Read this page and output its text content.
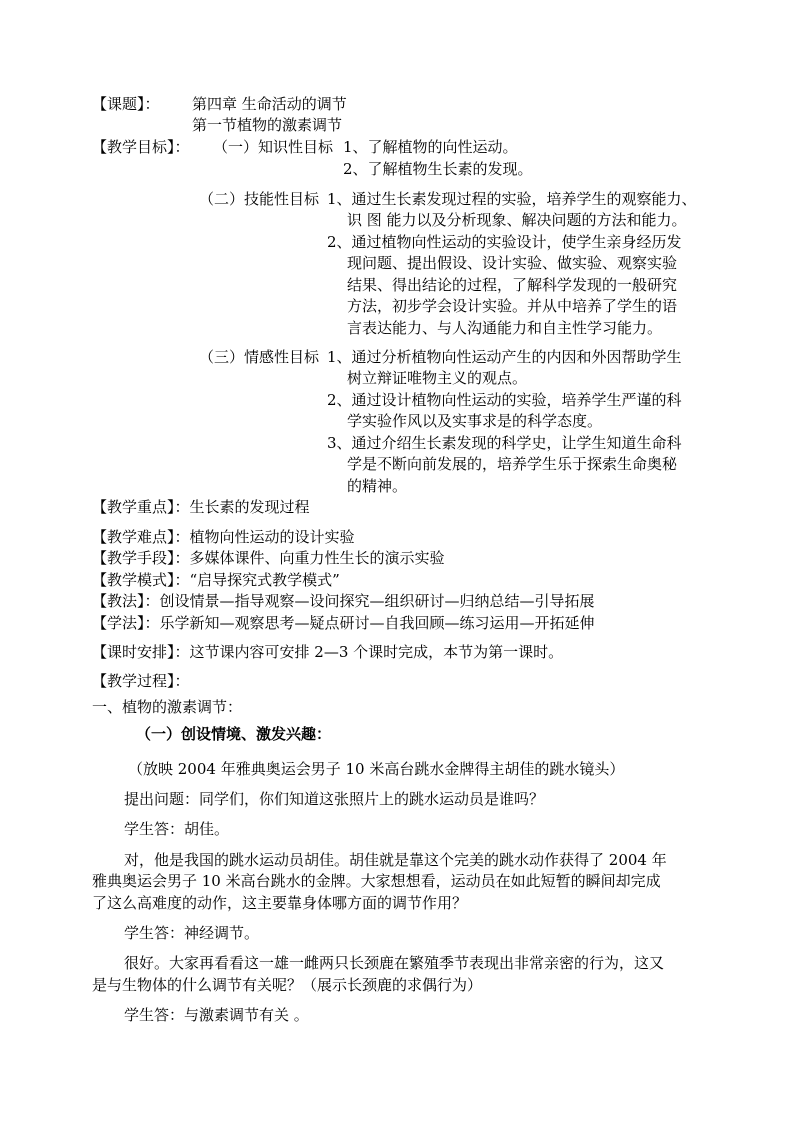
【课题】： 第四章 生命活动的调节
第一节植物的激素调节
【教学目标】： （一）知识性目标 1、了解植物的向性运动。
2、了解植物生长素的发现。
（二）技能性目标 1、通过生长素发现过程的实验，培养学生的观察能力、
识 图 能力以及分析现象、解决问题的方法和能力。
2、通过植物向性运动的实验设计，使学生亲身经历发
现问题、提出假设、设计实验、做实验、观察实验
结果、得出结论的过程，了解科学发现的一般研究
方法，初步学会设计实验。并从中培养了学生的语
言表达能力、与人沟通能力和自主性学习能力。
（三）情感性目标 1、通过分析植物向性运动产生的内因和外因帮助学生
树立辩证唯物主义的观点。
2、通过设计植物向性运动的实验，培养学生严谨的科
学实验作风以及实事求是的科学态度。
3、通过介绍生长素发现的科学史，让学生知道生命科
学是不断向前发展的，培养学生乐于探索生命奥秘
的精神。
【教学重点】：生长素的发现过程
【教学难点】：植物向性运动的设计实验
【教学手段】：多媒体课件、向重力性生长的演示实验
【教学模式】：“启导探究式教学模式”
【教法】：创设情景—指导观察—设问探究—组织研讨—归纳总结—引导拓展
【学法】：乐学新知—观察思考—疑点研讨—自我回顾—练习运用—开拓延伸
【课时安排】：这节课内容可安排 2—3 个课时完成，本节为第一课时。
【教学过程】：
一、植物的激素调节：
（一）创设情境、激发兴趣：
（放映 2004 年雅典奥运会男子 10 米高台跳水金牌得主胡佳的跳水镜头）
提出问题：同学们，你们知道这张照片上的跳水运动员是谁吗？
学生答：胡佳。
对，他是我国的跳水运动员胡佳。胡佳就是靠这个完美的跳水动作获得了 2004 年
雅典奥运会男子 10 米高台跳水的金牌。大家想想看，运动员在如此短暂的瞬间却完成
了这么高难度的动作，这主要靠身体哪方面的调节作用？
学生答：神经调节。
很好。大家再看看这一雄一雌两只长颈鹿在繁殖季节表现出非常亲密的行为，这又
是与生物体的什么调节有关呢？（展示长颈鹿的求偶行为）
学生答：与激素调节有关 。
